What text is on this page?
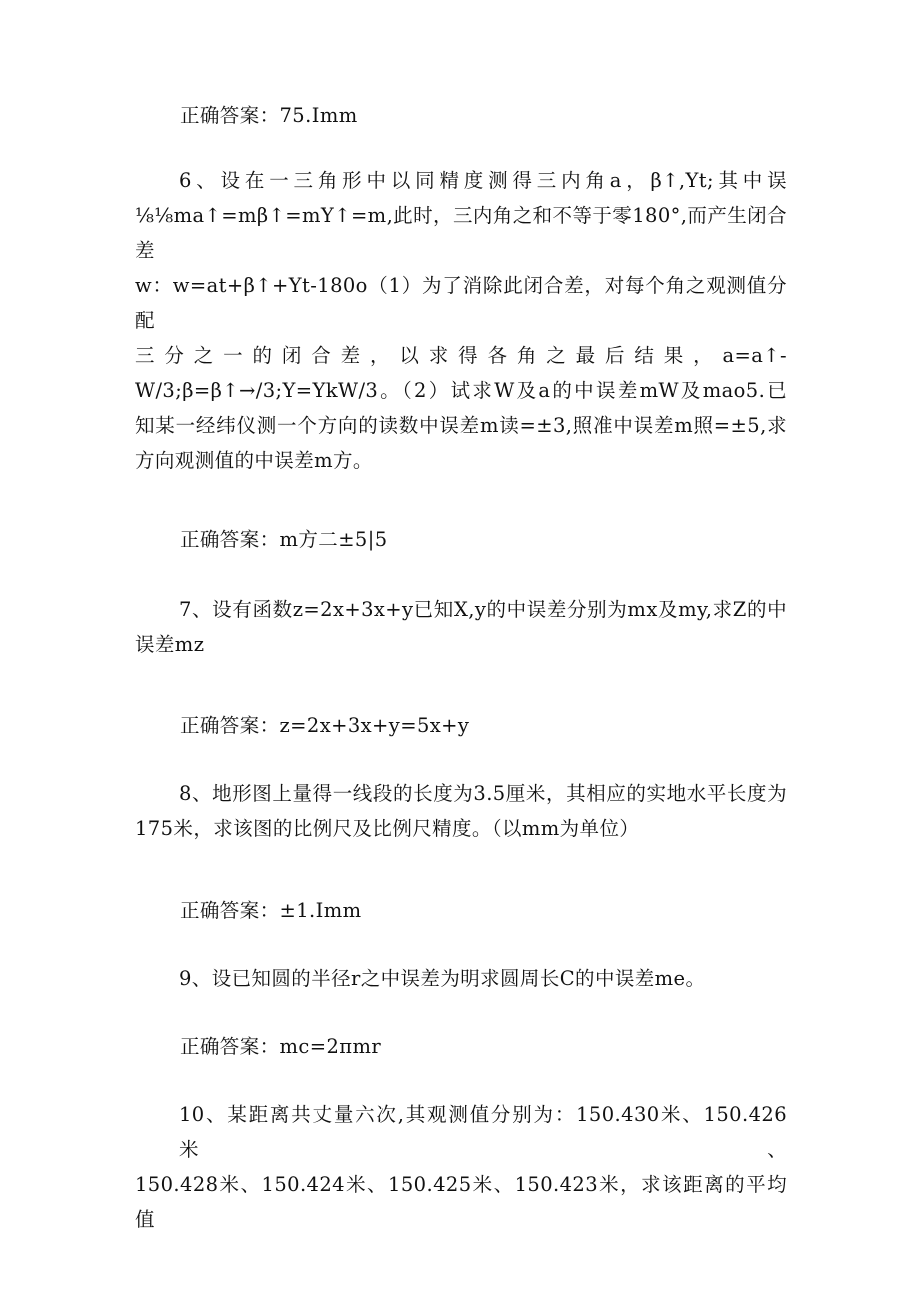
正确答案：75.Imm
6、设在一三角形中以同精度测得三内角a，β↑,Yt;其中误
⅛⅛ma↑=mβ↑=mY↑=m,此时，三内角之和不等于零180°,而产生闭合差
w：w=at+β↑+Yt-180o（1）为了消除此闭合差，对每个角之观测值分配
三分之一的闭合差，以求得各角之最后结果，a=a↑-
W/3;β=β↑→/3;Y=YkW/3。（2）试求W及a的中误差mW及mao5.已
知某一经纬仪测一个方向的读数中误差m读=±3,照准中误差m照=±5,求
方向观测值的中误差m方。
正确答案：m方二±5|5
7、设有函数z=2x+3x+y已知X,y的中误差分别为mx及my,求Z的中
误差mz
正确答案：z=2x+3x+y=5x+y
8、地形图上量得一线段的长度为3.5厘米，其相应的实地水平长度为
175米，求该图的比例尺及比例尺精度。（以mm为单位）
正确答案：±1.Imm
9、设已知圆的半径r之中误差为明求圆周长C的中误差me。
正确答案：mc=2πmr
10、某距离共丈量六次,其观测值分别为：150.430米、150.426米、
150.428米、150.424米、150.425米、150.423米，求该距离的平均值
